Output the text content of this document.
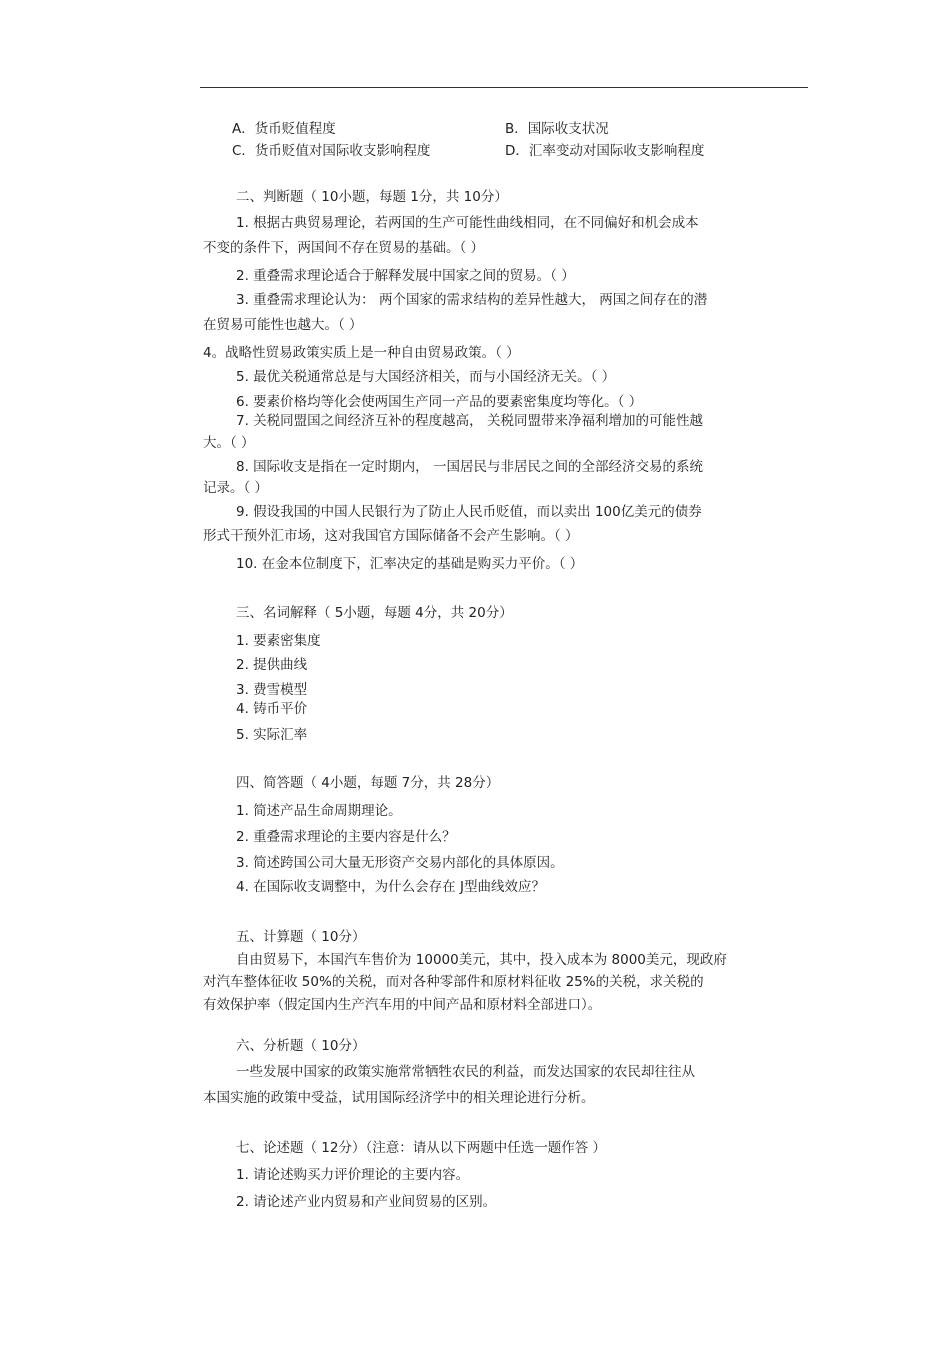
A．货币贬值程度	B．国际收支状况
C．货币贬值对国际收支影响程度	D．汇率变动对国际收支影响程度
二、判断题（ 10小题，每题 1分，共 10分）
1. 根据古典贸易理论，若两国的生产可能性曲线相同，在不同偏好和机会成本
不变的条件下，两国间不存在贸易的基础。（ ）
2. 重叠需求理论适合于解释发展中国家之间的贸易。（ ）
3. 重叠需求理论认为： 两个国家的需求结构的差异性越大， 两国之间存在的潜
在贸易可能性也越大。（ ）
4。战略性贸易政策实质上是一种自由贸易政策。（ ）
5. 最优关税通常总是与大国经济相关，而与小国经济无关。（ ）
6. 要素价格均等化会使两国生产同一产品的要素密集度均等化。（ ）
7. 关税同盟国之间经济互补的程度越高， 关税同盟带来净福利增加的可能性越
大。（ ）
8. 国际收支是指在一定时期内， 一国居民与非居民之间的全部经济交易的系统
记录。（ ）
9. 假设我国的中国人民银行为了防止人民币贬值，而以卖出 100亿美元的债券
形式干预外汇市场，这对我国官方国际储备不会产生影响。（ ）
10. 在金本位制度下，汇率决定的基础是购买力平价。（ ）
三、名词解释（ 5小题，每题 4分，共 20分）
1. 要素密集度
2. 提供曲线
3. 费雪模型
4. 铸币平价
5. 实际汇率
四、简答题（ 4小题，每题 7分，共 28分）
1. 简述产品生命周期理论。
2. 重叠需求理论的主要内容是什么？
3. 简述跨国公司大量无形资产交易内部化的具体原因。
4. 在国际收支调整中，为什么会存在 J型曲线效应？
五、计算题（ 10分）
自由贸易下，本国汽车售价为 10000美元，其中，投入成本为 8000美元，现政府
对汽车整体征收 50%的关税，而对各种零部件和原材料征收 25%的关税，求关税的
有效保护率（假定国内生产汽车用的中间产品和原材料全部进口）。
六、分析题（ 10分）
一些发展中国家的政策实施常常牺牲农民的利益，而发达国家的农民却往往从
本国实施的政策中受益，试用国际经济学中的相关理论进行分析。
七、论述题（ 12分）（注意：请从以下两题中任选一题作答 ）
1. 请论述购买力评价理论的主要内容。
2. 请论述产业内贸易和产业间贸易的区别。
